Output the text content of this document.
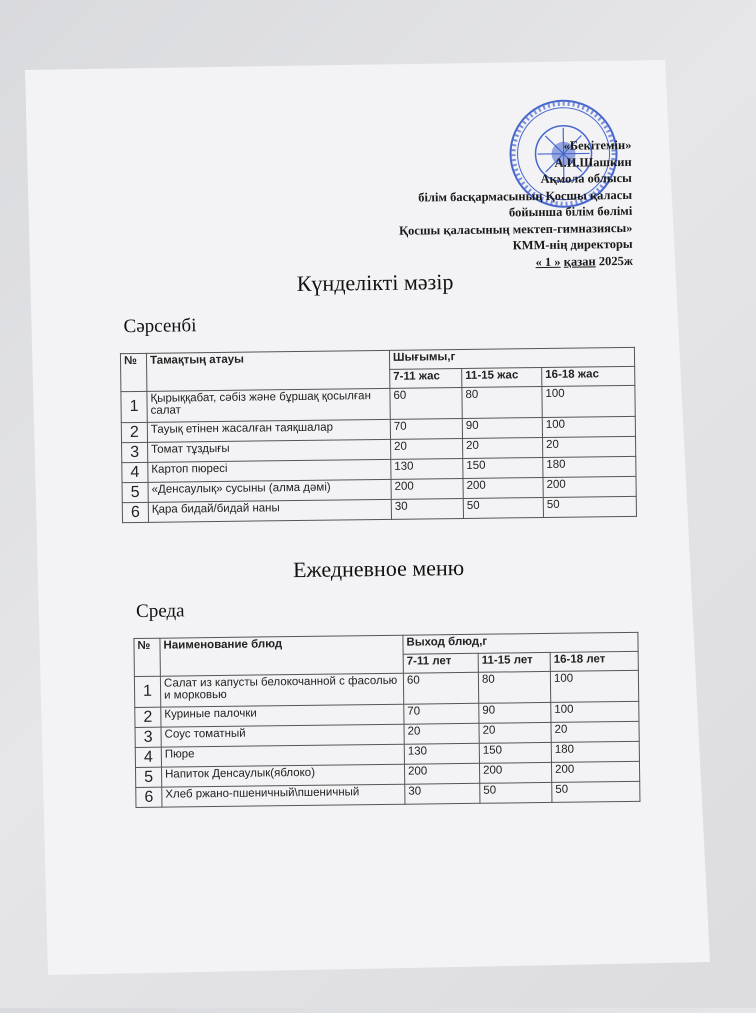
«Бекітемін»
А.И.Шашкин
Ақмола облысы
білім басқармасының Қосшы қаласы
бойынша білім бөлімі
Қосшы қаласының мектеп-гимназиясы»
КММ-нің директоры
« 1 » қазан 2025ж
Күнделікті мәзір
Сәрсенбі
№	Тамақтың атауы	Шығымы,г		
		7-11 жас	11-15 жас	16-18 жас
1	Қырыққабат, сәбіз және бұршақ қосылған салат	60	80	100
2	Тауық етінен жасалған таяқшалар	70	90	100
3	Томат тұздығы	20	20	20
4	Картоп пюресі	130	150	180
5	«Денсаулық» сусыны (алма дәмі)	200	200	200
6	Қара бидай/бидай наны	30	50	50
Ежедневное меню
Среда
№	Наименование блюд	Выход блюд,г		
		7-11 лет	11-15 лет	16-18 лет
1	Салат из капусты белокочанной с фасолью и морковью	60	80	100
2	Куриные палочки	70	90	100
3	Соус томатный	20	20	20
4	Пюре	130	150	180
5	Напиток Денсаулык(яблоко)	200	200	200
6	Хлеб ржано-пшеничный\пшеничный	30	50	50
